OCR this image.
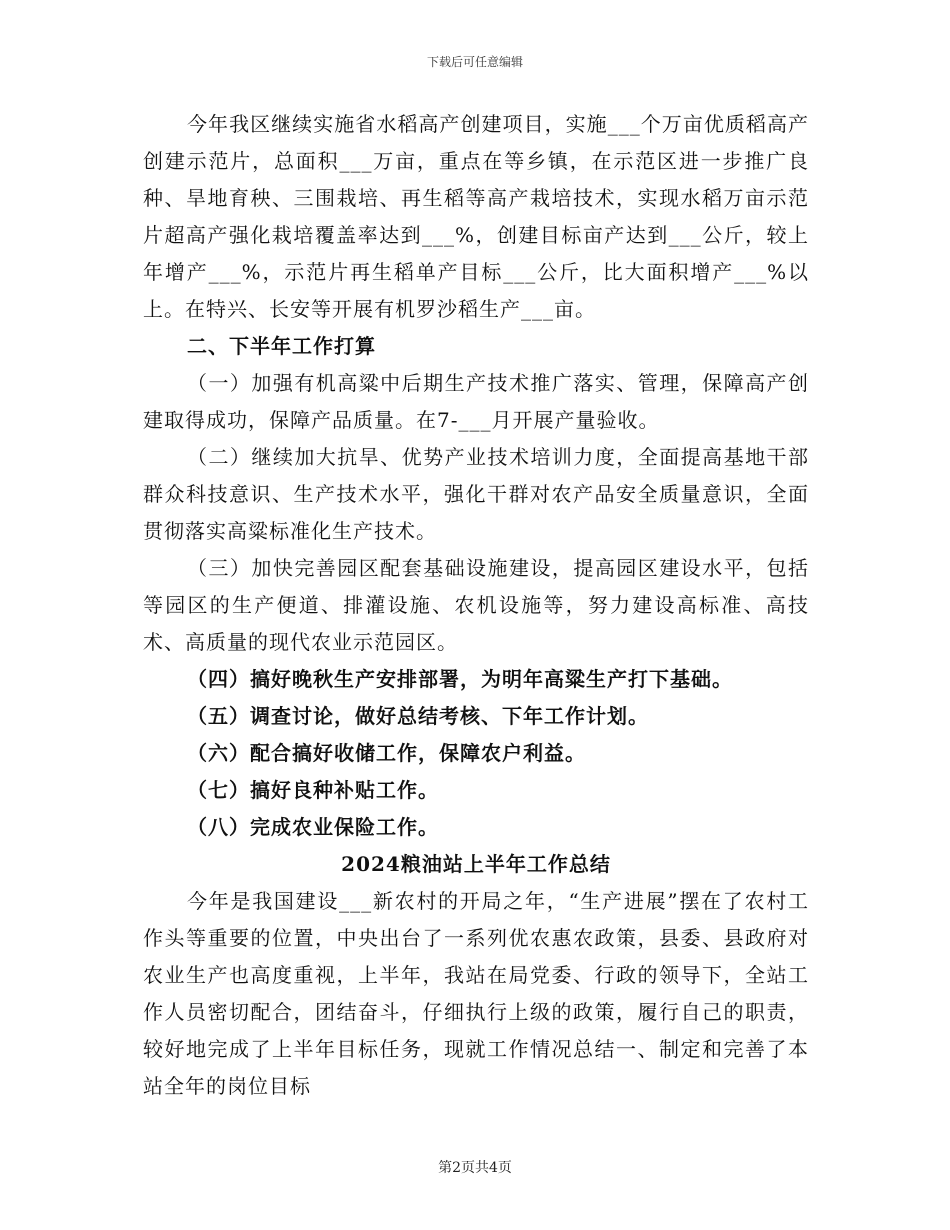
下载后可任意编辑

今年我区继续实施省水稻高产创建项目，实施___个万亩优质稻高产创建示范片，总面积___万亩，重点在等乡镇，在示范区进一步推广良种、旱地育秧、三围栽培、再生稻等高产栽培技术，实现水稻万亩示范片超高产强化栽培覆盖率达到___%，创建目标亩产达到___公斤，较上年增产___%，示范片再生稻单产目标___公斤，比大面积增产___%以上。在特兴、长安等开展有机罗沙稻生产___亩。

二、下半年工作打算

（一）加强有机高粱中后期生产技术推广落实、管理，保障高产创建取得成功，保障产品质量。在7-___月开展产量验收。

（二）继续加大抗旱、优势产业技术培训力度，全面提高基地干部群众科技意识、生产技术水平，强化干群对农产品安全质量意识，全面贯彻落实高粱标准化生产技术。

（三）加快完善园区配套基础设施建设，提高园区建设水平，包括等园区的生产便道、排灌设施、农机设施等，努力建设高标准、高技术、高质量的现代农业示范园区。

（四）搞好晚秋生产安排部署，为明年高粱生产打下基础。

（五）调查讨论，做好总结考核、下年工作计划。

（六）配合搞好收储工作，保障农户利益。

（七）搞好良种补贴工作。

（八）完成农业保险工作。

2024粮油站上半年工作总结

今年是我国建设___新农村的开局之年，“生产进展”摆在了农村工作头等重要的位置，中央出台了一系列优农惠农政策，县委、县政府对农业生产也高度重视，上半年，我站在局党委、行政的领导下，全站工作人员密切配合，团结奋斗，仔细执行上级的政策，履行自己的职责，较好地完成了上半年目标任务，现就工作情况总结一、制定和完善了本站全年的岗位目标

第2页共4页
